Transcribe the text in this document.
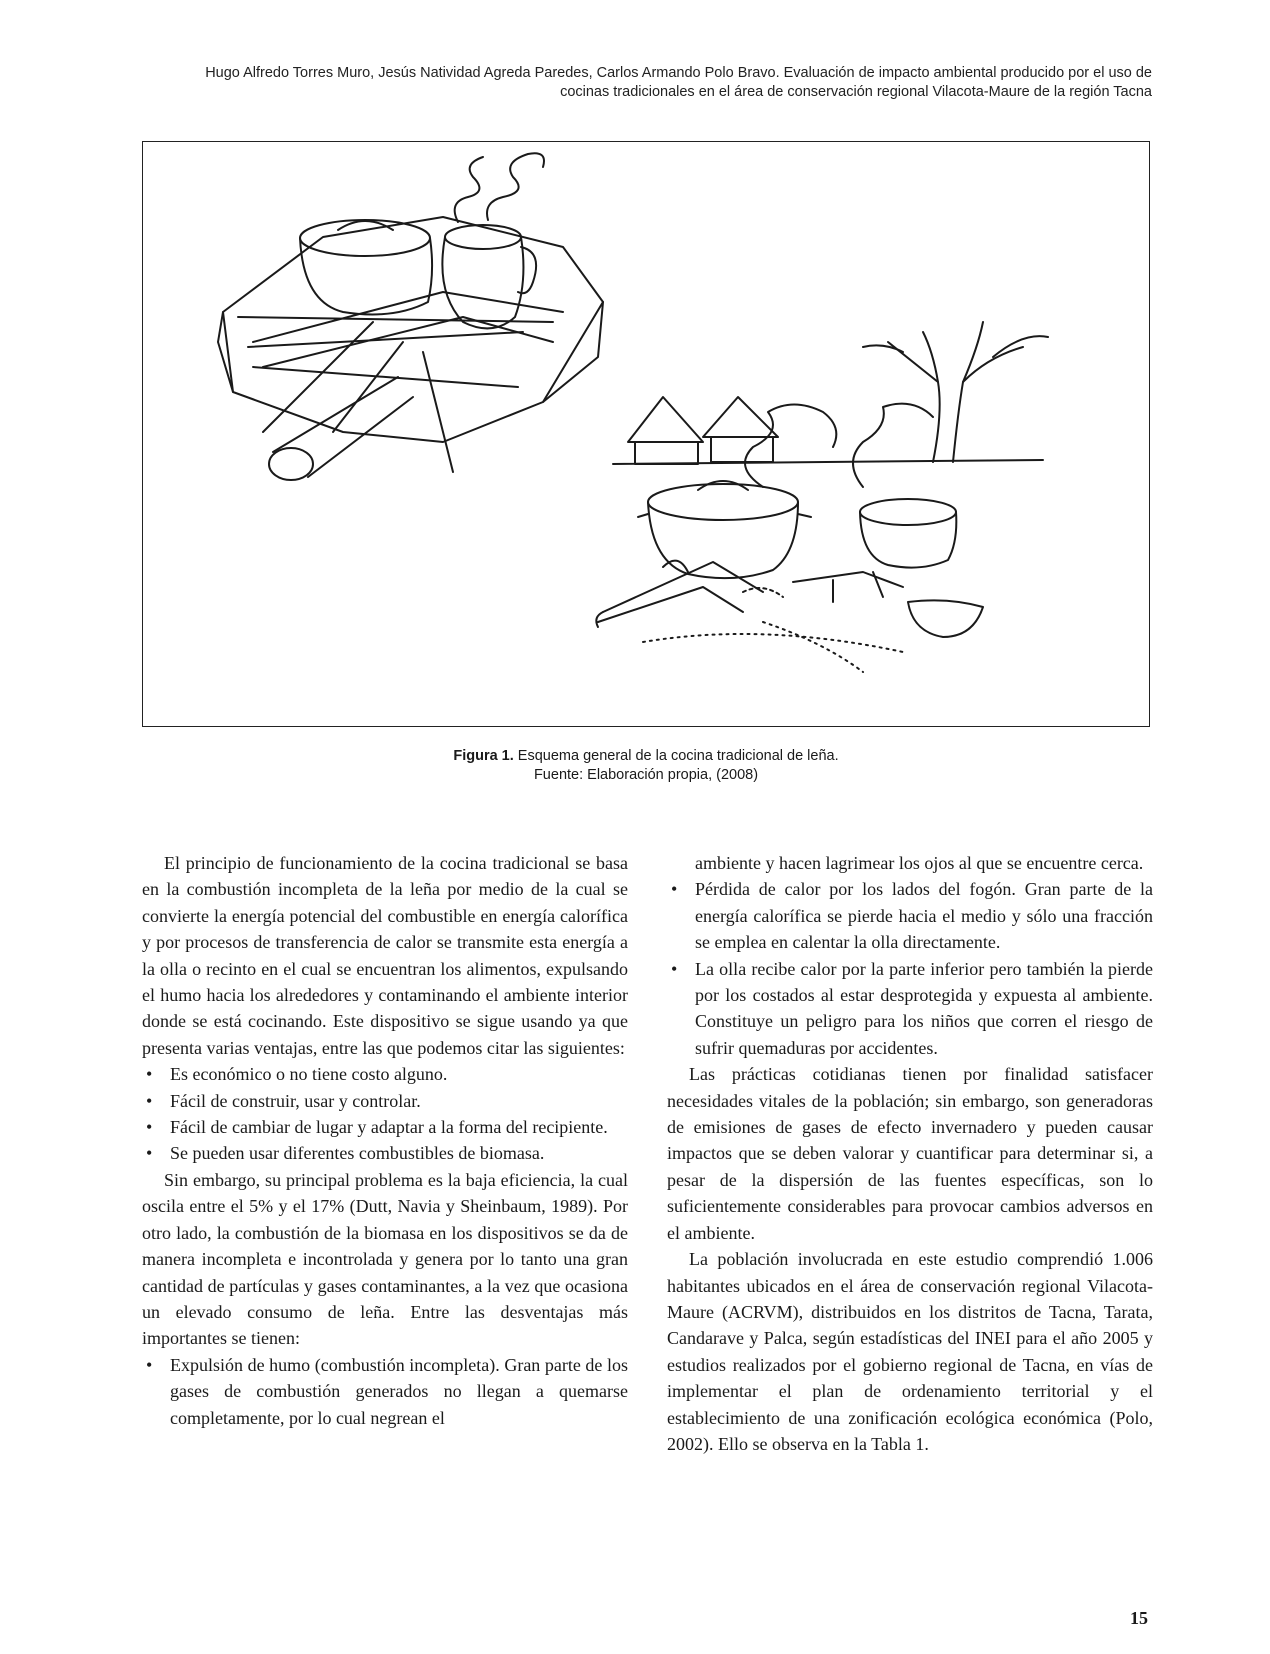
Hugo Alfredo Torres Muro, Jesús Natividad Agreda Paredes, Carlos Armando Polo Bravo. Evaluación de impacto ambiental producido por el uso de
cocinas tradicionales en el área de conservación regional Vilacota-Maure de la región Tacna
Figura 1. Esquema general de la cocina tradicional de leña.
Fuente: Elaboración propia, (2008)

El principio de funcionamiento de la cocina tradicional se basa en la combustión incompleta de la leña por medio de la cual se convierte la energía potencial del combustible en energía calorífica y por procesos de transferencia de calor se transmite esta energía a la olla o recinto en el cual se encuentran los alimentos, expulsando el humo hacia los alrededores y contaminando el ambiente interior donde se está cocinando. Este dispositivo se sigue usando ya que presenta varias ventajas, entre las que podemos citar las siguientes:

• Es económico o no tiene costo alguno.
• Fácil de construir, usar y controlar.
• Fácil de cambiar de lugar y adaptar a la forma del recipiente.
• Se pueden usar diferentes combustibles de biomasa.

Sin embargo, su principal problema es la baja eficiencia, la cual oscila entre el 5% y el 17% (Dutt, Navia y Sheinbaum, 1989). Por otro lado, la combustión de la biomasa en los dispositivos se da de manera incompleta e incontrolada y genera por lo tanto una gran cantidad de partículas y gases contaminantes, a la vez que ocasiona un elevado consumo de leña. Entre las desventajas más importantes se tienen:

• Expulsión de humo (combustión incompleta). Gran parte de los gases de combustión generados no llegan a quemarse completamente, por lo cual negrean el

ambiente y hacen lagrimear los ojos al que se encuentre cerca.

• Pérdida de calor por los lados del fogón. Gran parte de la energía calorífica se pierde hacia el medio y sólo una fracción se emplea en calentar la olla directamente.
• La olla recibe calor por la parte inferior pero también la pierde por los costados al estar desprotegida y expuesta al ambiente. Constituye un peligro para los niños que corren el riesgo de sufrir quemaduras por accidentes.

Las prácticas cotidianas tienen por finalidad satisfacer necesidades vitales de la población; sin embargo, son generadoras de emisiones de gases de efecto invernadero y pueden causar impactos que se deben valorar y cuantificar para determinar si, a pesar de la dispersión de las fuentes específicas, son lo suficientemente considerables para provocar cambios adversos en el ambiente.

La población involucrada en este estudio comprendió 1.006 habitantes ubicados en el área de conservación regional Vilacota-Maure (ACRVM), distribuidos en los distritos de Tacna, Tarata, Candarave y Palca, según estadísticas del INEI para el año 2005 y estudios realizados por el gobierno regional de Tacna, en vías de implementar el plan de ordenamiento territorial y el establecimiento de una zonificación ecológica económica (Polo, 2002). Ello se observa en la Tabla 1.

15
